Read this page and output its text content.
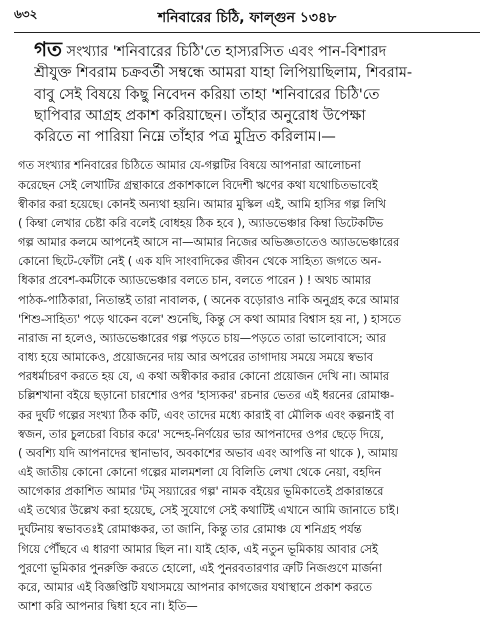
৬৩২	শনিবারের চিঠি, ফাল্গুন ১৩৪৮
গত সংখ্যার 'শনিবারের চিঠি'তে হাস্যরসিত এবং পান-বিশারদ
শ্রীযুক্ত শিবরাম চক্রবর্তী সম্বন্ধে আমরা যাহা লিপিয়াছিলাম, শিবরাম-
বাবু সেই বিষয়ে কিছু নিবেদন করিয়া তাহা 'শনিবারের চিঠি'তে
ছাপিবার আগ্রহ প্রকাশ করিয়াছেন। তাঁহার অনুরোধ উপেক্ষা
করিতে না পারিয়া নিম্নে তাঁহার পত্র মুদ্রিত করিলাম।—
গত সংখ্যার শনিবারের চিঠিতে আমার যে-গল্পটির বিষয়ে আপনারা আলোচনা
করেছেন সেই লেখাটির গ্রন্থাকারে প্রকাশকালে বিদেশী ঋণের কথা যথোচিতভাবেই
স্বীকার করা হয়েছে। কোনই অন্যথা হয়নি। আমার মুস্কিল এই, আমি হাসির গল্প লিখি
( কিম্বা লেখার চেষ্টা করি বলেই বোধহয় ঠিক হবে ), অ্যাডভেঞ্চার কিম্বা ডিটেকটিভ
গল্প আমার কলমে আপনেই আসে না—আমার নিজের অভিজ্ঞতাতেও অ্যাডভেঞ্চারের
কোনো ছিটে-ফোঁটা নেই ( এক যদি সাংবাদিকের জীবন থেকে সাহিত্য জগতে অন-
ধিকার প্রবেশ-কর্মটাকে অ্যাডভেঞ্চার বলতে চান, বলতে পারেন ) ! অথচ আমার
পাঠক-পাঠিকারা, নিতান্তই তারা নাবালক, ( অনেক বড়োরাও নাকি অনুগ্রহ করে আমার
'শিশু-সাহিত্য' পড়ে থাকেন বলে' শুনেছি, কিন্তু সে কথা আমার বিশ্বাস হয় না, ) হাসতে
নারাজ না হলেও, অ্যাডভেঞ্চারের গল্প পড়তে চায়—পড়তে তারা ভালোবাসে; আর
বাধ্য হয়ে আমাকেও, প্রয়োজনের দায় আর অপরের তাগাদায় সময়ে সময়ে স্বভাব
পরধর্মাচরণ করতে হয় যে, এ কথা অস্বীকার করার কোনো প্রয়োজন দেখি না। আমার
চল্লিশখানা বইয়ে ছড়ানো চারশোর ওপর 'হাস্যকর' রচনার ভেতর এই ধরনের রোমাঞ্চ-
কর দুর্ঘট গল্পের সংখ্যা ঠিক কটি, এবং তাদের মধ্যে কারাই বা মৌলিক এবং কল্পনাই বা
স্বজন, তার চুলচেরা বিচার করে' সন্দেহ-নির্ণয়ের ভার আপনাদের ওপর ছেড়ে দিয়ে,
( অবশ্যি যদি আপনাদের স্থানাভাব, অবকাশের অভাব এবং আপত্তি না থাকে ), আমায়
এই জাতীয় কোনো কোনো গল্পের মালমশলা যে বিলিতি লেখা থেকে নেয়া, বহদিন
আগেকার প্রকাশিত আমার 'টম্ সয়্যারের গল্প' নামক বইয়ের ভূমিকাতেই প্রকারান্তরে
এই তথ্যের উল্লেখ করা হয়েছে, সেই সুযোগে সেই কথাটিই এখানে আমি জানাতে চাই।
দুর্ঘটনায় স্বভাবতঃই রোমাঞ্চকর, তা জানি, কিন্তু তার রোমাঞ্চ যে শনিগ্রহ পর্যন্ত
গিয়ে পৌঁছবে এ ধারণা আমার ছিল না। যাই হোক, এই নতুন ভূমিকায় আবার সেই
পুরণো ভূমিকার পুনরুক্তি করতে হোলো, এই পুনরবতারণার ত্রুটি নিজগুণে মার্জনা
করে, আমার এই বিজ্ঞপ্তিটি যথাসময়ে আপনার কাগজের যথাস্থানে প্রকাশ করতে
আশা করি আপনার দ্বিধা হবে না। ইতি—
